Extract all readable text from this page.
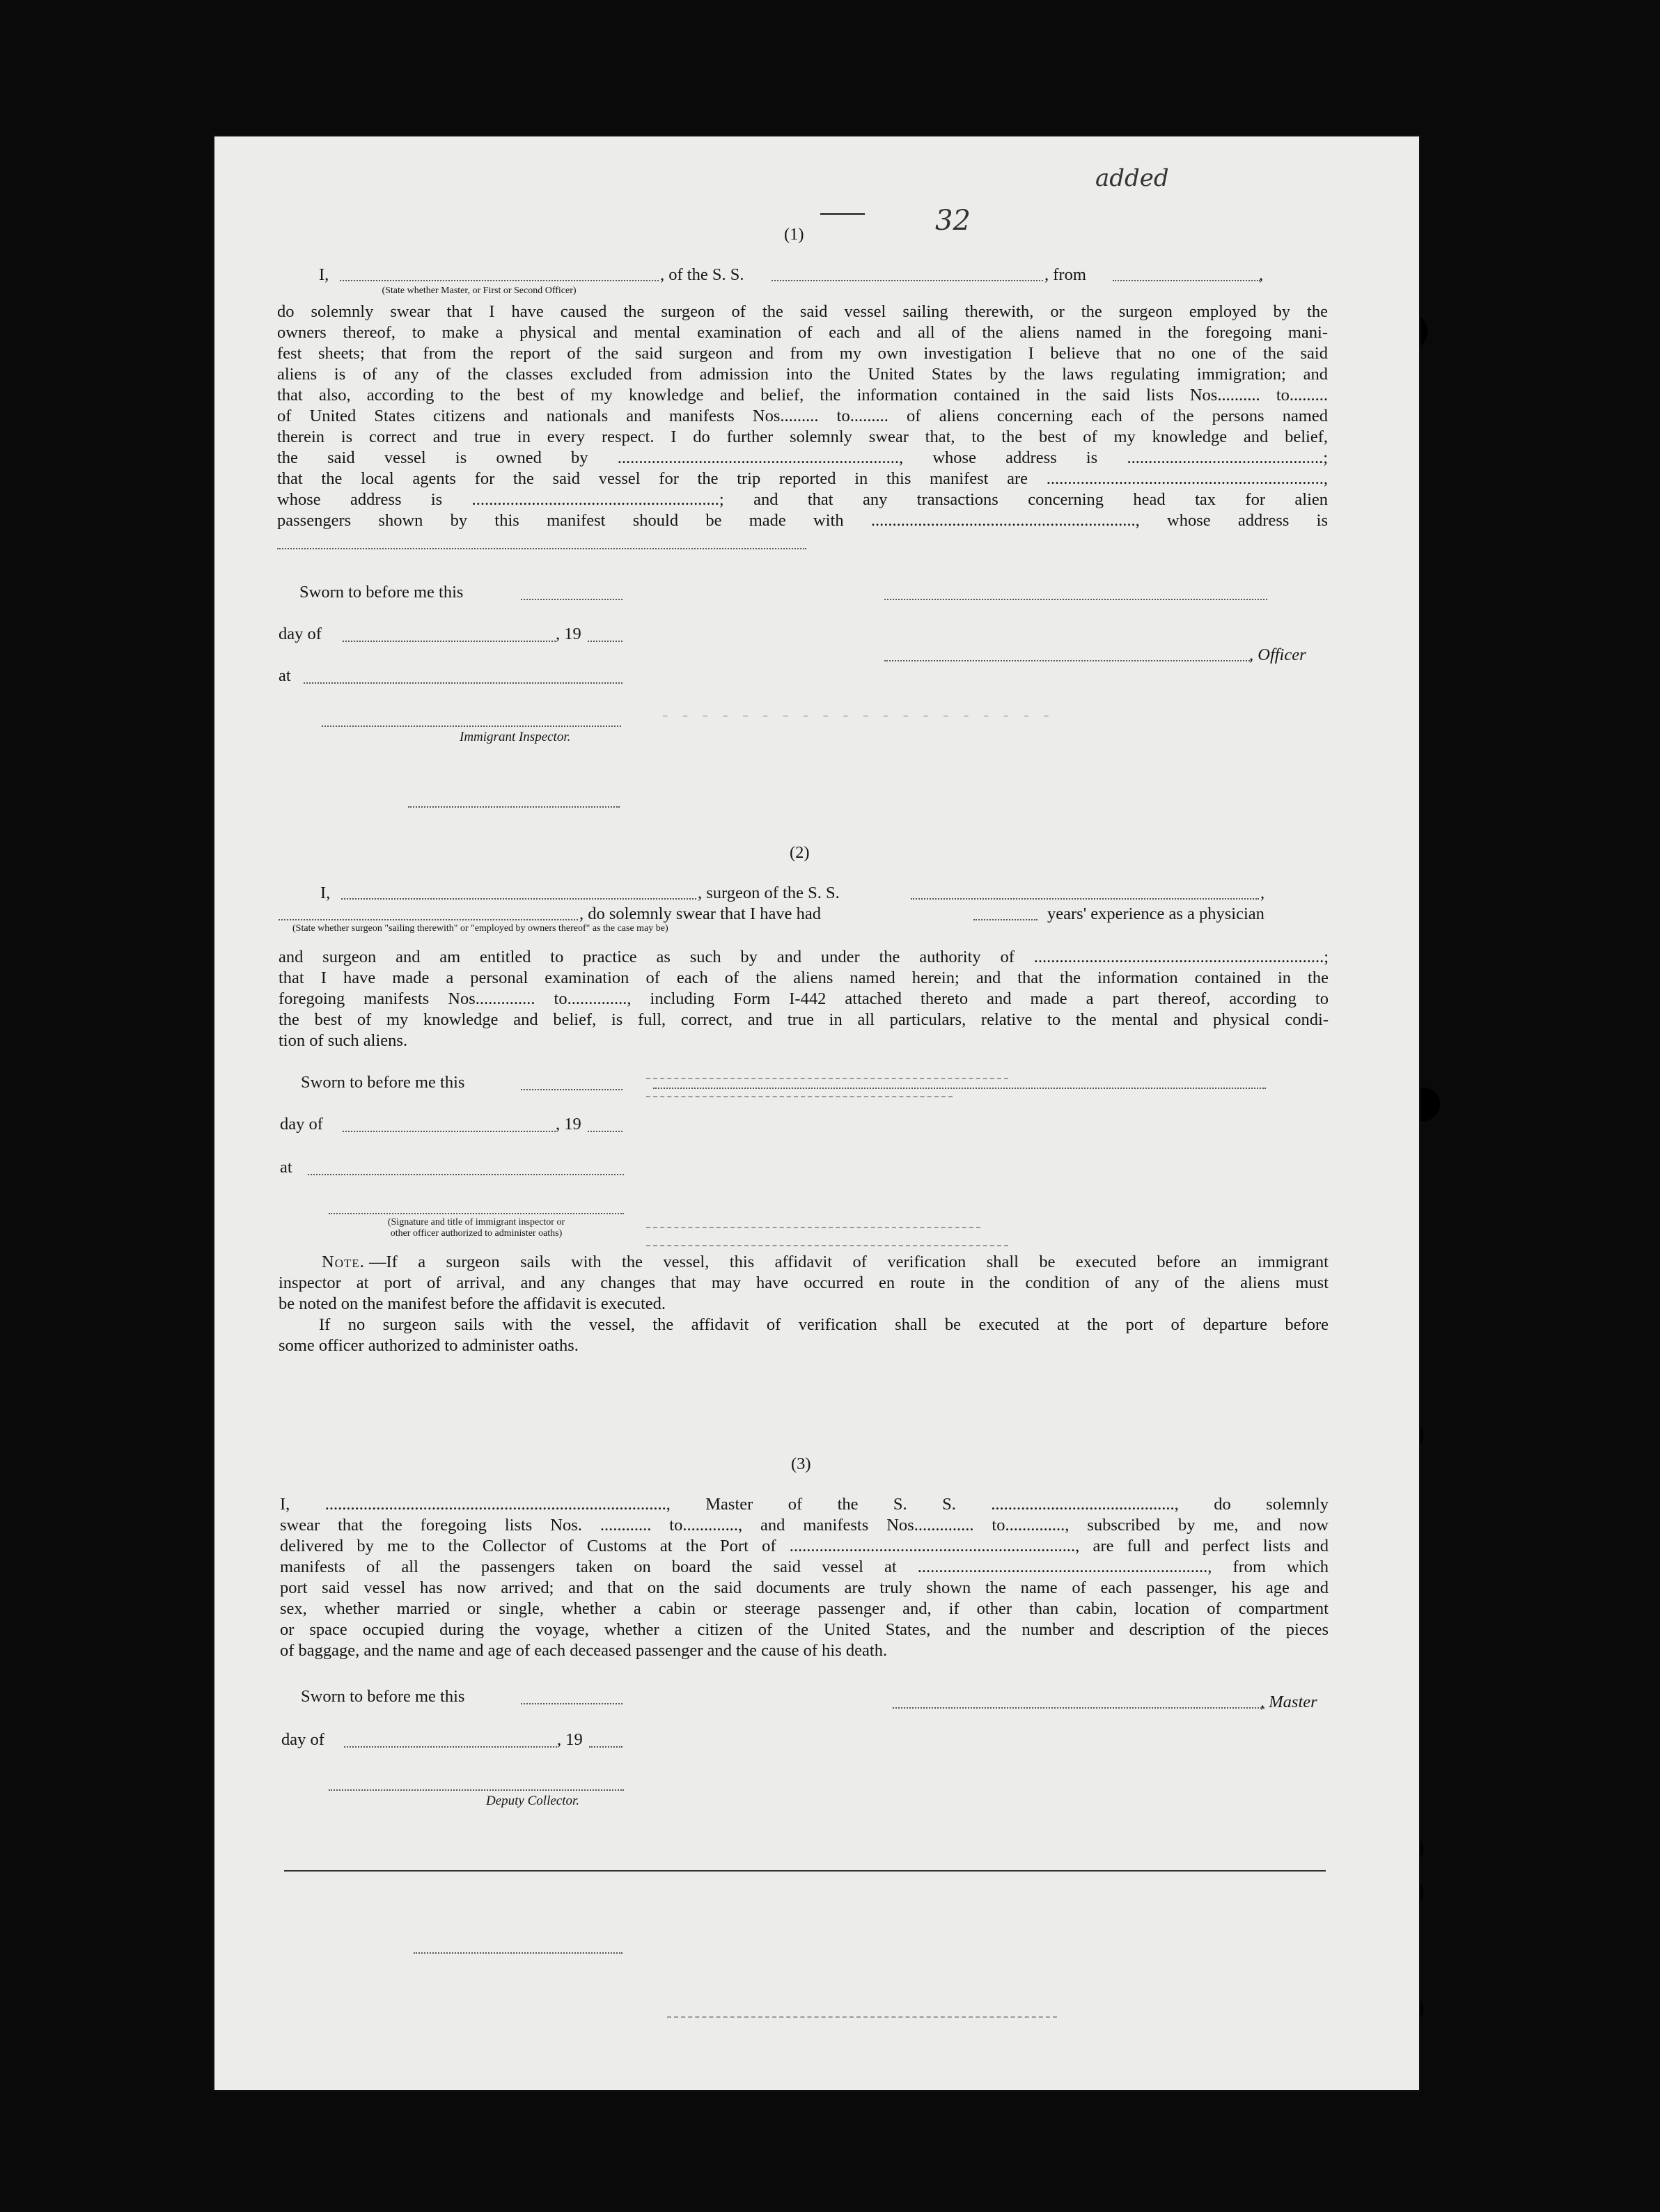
- - - - - - - - - - - - - - - - - - - -
32
added
(1)
I,	, of the S. S.	, from	,
(State whether Master, or First or Second Officer)
do solemnly swear that I have caused the surgeon of the said vessel sailing therewith, or the surgeon employed by the
owners thereof, to make a physical and mental examination of each and all of the aliens named in the foregoing mani-
fest sheets; that from the report of the said surgeon and from my own investigation I believe that no one of the said
aliens is of any of the classes excluded from admission into the United States by the laws regulating immigration; and
that also, according to the best of my knowledge and belief, the information contained in the said lists Nos.......... to.........
of United States citizens and nationals and manifests Nos......... to......... of aliens concerning each of the persons named
therein is correct and true in every respect. I do further solemnly swear that, to the best of my knowledge and belief,
the said vessel is owned by .................................................................., whose address is ..............................................;
that the local agents for the said vessel for the trip reported in this manifest are .................................................................,
whose address is ..........................................................; and that any transactions concerning head tax for alien
passengers shown by this manifest should be made with .............................................................., whose address is
Sworn to before me this
day of	, 19
, Officer
at
Immigrant Inspector.
(2)
I,	, surgeon of the S. S.	,
, do solemnly swear that I have had	years' experience as a physician
(State whether surgeon "sailing therewith" or "employed by owners thereof" as the case may be)
and surgeon and am entitled to practice as such by and under the authority of ....................................................................;
that I have made a personal examination of each of the aliens named herein; and that the information contained in the
foregoing manifests Nos.............. to.............., including Form I-442 attached thereto and made a part thereof, according to
the best of my knowledge and belief, is full, correct, and true in all particulars, relative to the mental and physical condi-
tion of such aliens.
Sworn to before me this
day of	, 19
at
(Signature and title of immigrant inspector or
other officer authorized to administer oaths)
Note. —If a surgeon sails with the vessel, this affidavit of verification shall be executed before an immigrant
inspector at port of arrival, and any changes that may have occurred en route in the condition of any of the aliens must
be noted on the manifest before the affidavit is executed.
If no surgeon sails with the vessel, the affidavit of verification shall be executed at the port of departure before
some officer authorized to administer oaths.
(3)
I, ................................................................................, Master of the S. S. ..........................................., do solemnly
swear that the foregoing lists Nos. ............ to............., and manifests Nos.............. to.............., subscribed by me, and now
delivered by me to the Collector of Customs at the Port of ..................................................................., are full and perfect lists and
manifests of all the passengers taken on board the said vessel at ...................................................................., from which
port said vessel has now arrived; and that on the said documents are truly shown the name of each passenger, his age and
sex, whether married or single, whether a cabin or steerage passenger and, if other than cabin, location of compartment
or space occupied during the voyage, whether a citizen of the United States, and the number and description of the pieces
of baggage, and the name and age of each deceased passenger and the cause of his death.
Sworn to before me this	, Master
day of	, 19
Deputy Collector.
